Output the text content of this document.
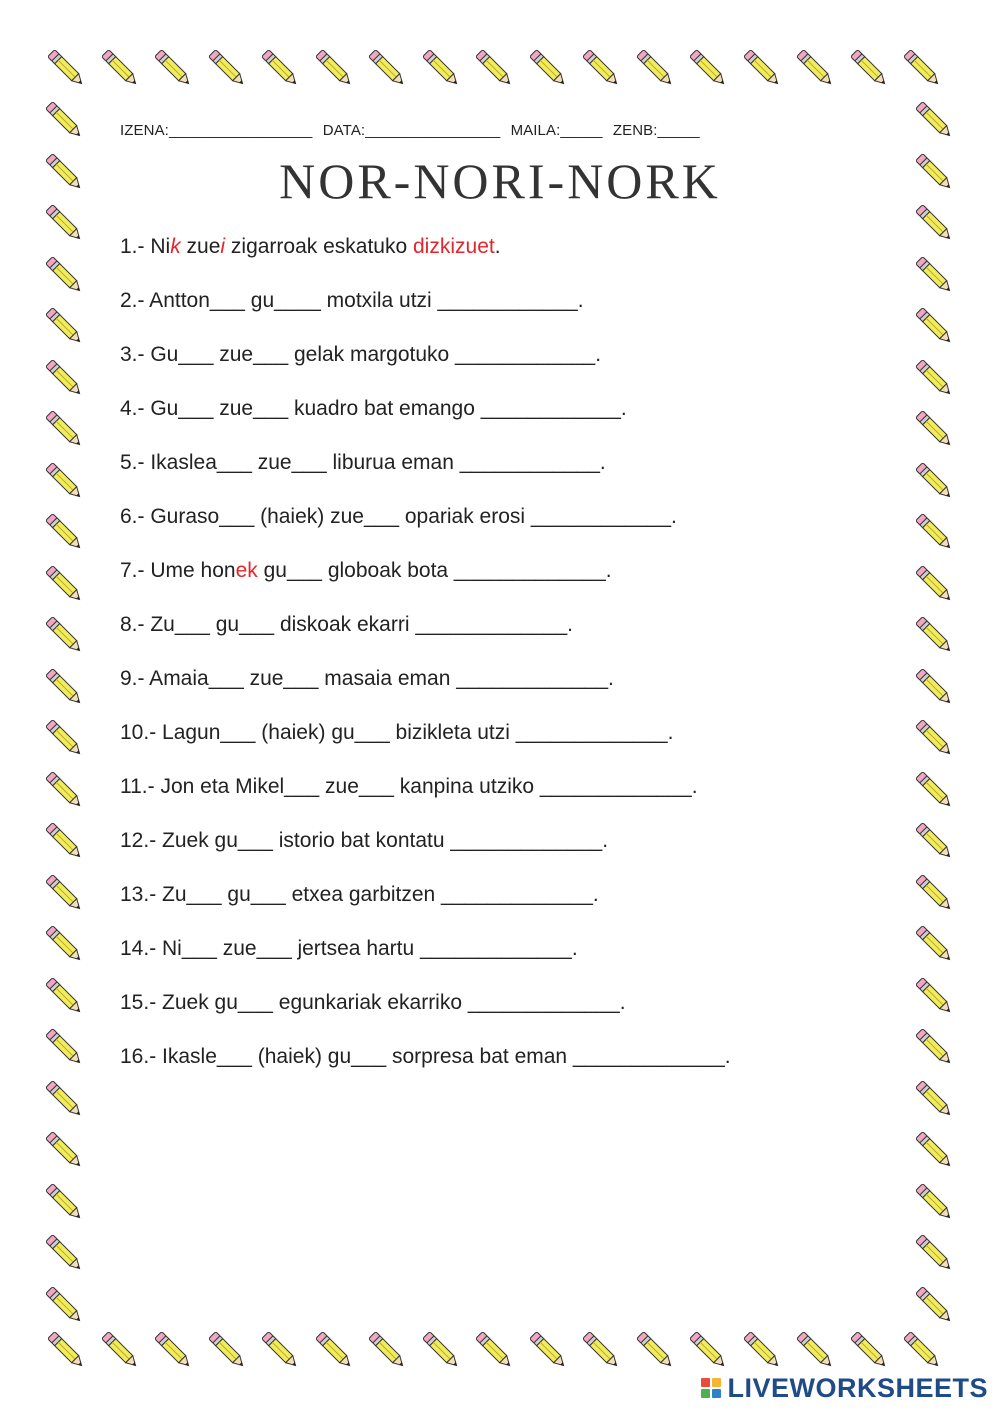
IZENA:_________________ DATA:________________ MAILA:_____ ZENB:_____
NOR-NORI-NORK
1.- Nik zuei zigarroak eskatuko dizkizuet.
2.- Antton___ gu____ motxila utzi ____________.
3.- Gu___ zue___ gelak margotuko ____________.
4.- Gu___ zue___ kuadro bat emango ____________.
5.- Ikaslea___ zue___ liburua eman ____________.
6.- Guraso___ (haiek) zue___ opariak erosi ____________.
7.- Ume honek gu___ globoak bota _____________.
8.- Zu___ gu___ diskoak ekarri _____________.
9.- Amaia___ zue___ masaia eman _____________.
10.- Lagun___ (haiek) gu___ bizikleta utzi _____________.
11.- Jon eta Mikel___ zue___ kanpina utziko _____________.
12.- Zuek gu___ istorio bat kontatu _____________.
13.- Zu___ gu___ etxea garbitzen _____________.
14.- Ni___ zue___ jertsea hartu _____________.
15.- Zuek gu___ egunkariak ekarriko _____________.
16.- Ikasle___ (haiek) gu___ sorpresa bat eman _____________.
LIVEWORKSHEETS
